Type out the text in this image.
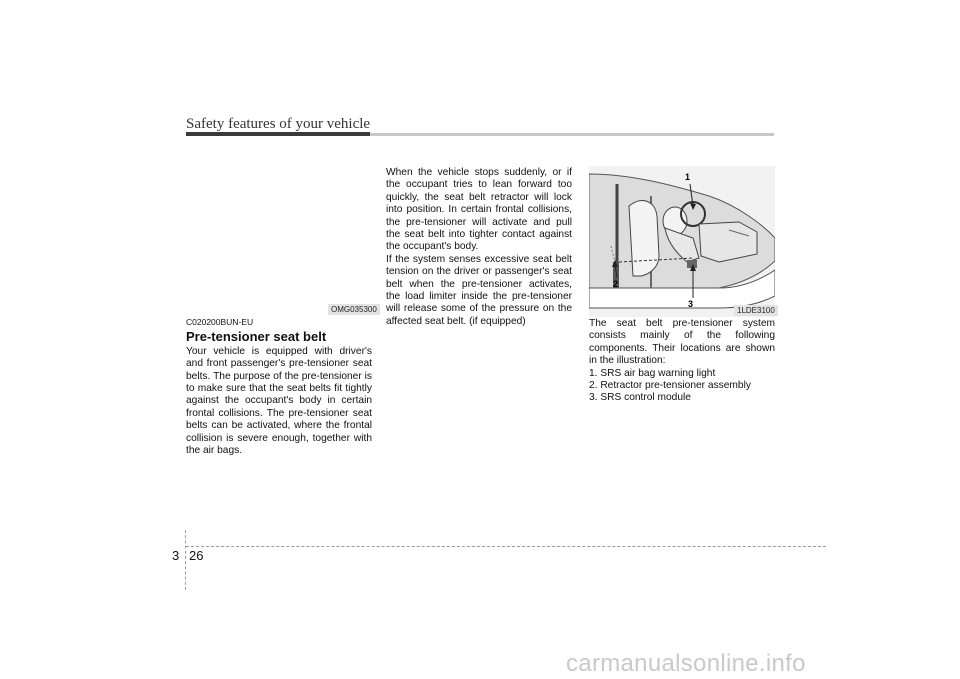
Safety features of your vehicle
OMG035300

C020200BUN-EU

Pre-tensioner seat belt

Your vehicle is equipped with driver's and front passenger's pre-tensioner seat belts. The purpose of the pre-tensioner is to make sure that the seat belts fit tightly against the occupant's body in certain frontal collisions. The pre-tensioner seat belts can be activated, where the frontal collision is severe enough, together with the air bags.

When the vehicle stops suddenly, or if the occupant tries to lean forward too quickly, the seat belt retractor will lock into position. In certain frontal collisions, the pre-tensioner will activate and pull the seat belt into tighter contact against the occupant's body.

If the system senses excessive seat belt tension on the driver or passenger's seat belt when the pre-tensioner activates, the load limiter inside the pre-tensioner will release some of the pressure on the affected seat belt. (if equipped)

1
2
3
1LDE3100

The seat belt pre-tensioner system consists mainly of the following components. Their locations are shown in the illustration:

1. SRS air bag warning light

2. Retractor pre-tensioner assembly

3. SRS control module

3 26
carmanualsonline.info
